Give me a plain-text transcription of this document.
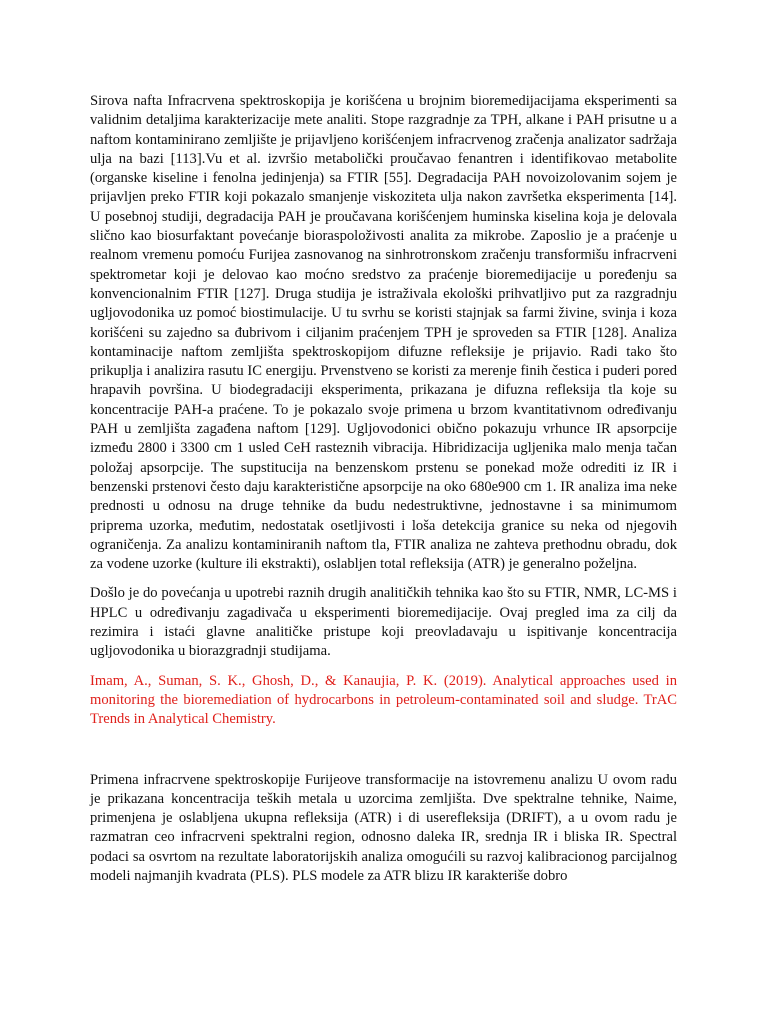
Sirova nafta Infracrvena spektroskopija je korišćena u brojnim bioremedijacijama eksperimenti sa validnim detaljima karakterizacije mete analiti. Stope razgradnje za TPH, alkane i PAH prisutne u a naftom kontaminirano zemljište je prijavljeno korišćenjem infracrvenog zračenja analizator sadržaja ulja na bazi [113].Vu et al. izvršio metabolički proučavao fenantren i identifikovao metabolite (organske kiseline i fenolna jedinjenja) sa FTIR [55]. Degradacija PAH novoizolovanim sojem je prijavljen preko FTIR koji pokazalo smanjenje viskoziteta ulja nakon završetka eksperimenta [14]. U posebnoj studiji, degradacija PAH je proučavana korišćenjem huminska kiselina koja je delovala slično kao biosurfaktant povećanje bioraspoloživosti analita za mikrobe. Zaposlio je a praćenje u realnom vremenu pomoću Furijea zasnovanog na sinhrotronskom zračenju transformišu infracrveni spektrometar koji je delovao kao moćno sredstvo za praćenje bioremedijacije u poređenju sa konvencionalnim FTIR [127]. Druga studija je istraživala ekološki prihvatljivo put za razgradnju ugljovodonika uz pomoć biostimulacije. U tu svrhu se koristi stajnjak sa farmi živine, svinja i koza korišćeni su zajedno sa đubrivom i ciljanim praćenjem TPH je sproveden sa FTIR [128]. Analiza kontaminacije naftom zemljišta spektroskopijom difuzne refleksije je prijavio. Radi tako što prikuplja i analizira rasutu IC energiju. Prvenstveno se koristi za merenje finih čestica i puderi pored hrapavih površina. U biodegradaciji eksperimenta, prikazana je difuzna refleksija tla koje su koncentracije PAH-a praćene. To je pokazalo svoje primena u brzom kvantitativnom određivanju PAH u zemljišta zagađena naftom [129]. Ugljovodonici obično pokazuju vrhunce IR apsorpcije između 2800 i 3300 cm 1 usled CeH rasteznih vibracija. Hibridizacija ugljenika malo menja tačan položaj apsorpcije. The supstitucija na benzenskom prstenu se ponekad može odrediti iz IR i benzenski prstenovi često daju karakteristične apsorpcije na oko 680e900 cm 1. IR analiza ima neke prednosti u odnosu na druge tehnike da budu nedestruktivne, jednostavne i sa minimumom priprema uzorka, međutim, nedostatak osetljivosti i loša detekcija granice su neka od njegovih ograničenja. Za analizu kontaminiranih naftom tla, FTIR analiza ne zahteva prethodnu obradu, dok za vodene uzorke (kulture ili ekstrakti), oslabljen total refleksija (ATR) je generalno poželjna.

Došlo je do povećanja u upotrebi raznih drugih analitičkih tehnika kao što su FTIR, NMR, LC-MS i HPLC u određivanju zagadivača u eksperimenti bioremedijacije. Ovaj pregled ima za cilj da rezimira i istaći glavne analitičke pristupe koji preovladavaju u ispitivanje koncentracija ugljovodonika u biorazgradnji studijama.

Imam, A., Suman, S. K., Ghosh, D., & Kanaujia, P. K. (2019). Analytical approaches used in monitoring the bioremediation of hydrocarbons in petroleum-contaminated soil and sludge. TrAC Trends in Analytical Chemistry.

Primena infracrvene spektroskopije Furijeove transformacije na istovremenu analizu U ovom radu je prikazana koncentracija teških metala u uzorcima zemljišta. Dve spektralne tehnike, Naime, primenjena je oslabljena ukupna refleksija (ATR) i di userefleksija (DRIFT), a u ovom radu je razmatran ceo infracrveni spektralni region, odnosno daleka IR, srednja IR i bliska IR. Spectral podaci sa osvrtom na rezultate laboratorijskih analiza omogućili su razvoj kalibracionog parcijalnog modeli najmanjih kvadrata (PLS). PLS modele za ATR blizu IR karakteriše dobro
